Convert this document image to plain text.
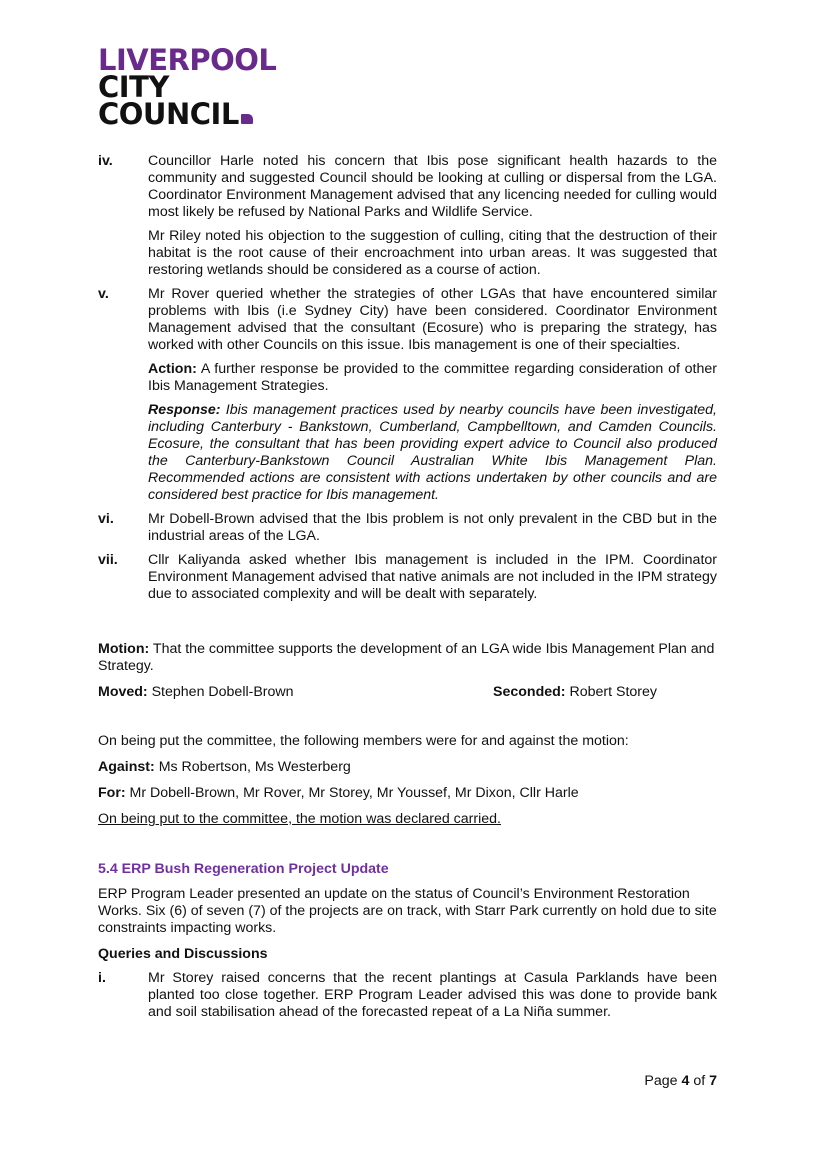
LIVERPOOL
CITY
COUNCIL
iv.	Councillor Harle noted his concern that Ibis pose significant health hazards to the community and suggested Council should be looking at culling or dispersal from the LGA. Coordinator Environment Management advised that any licencing needed for culling would most likely be refused by National Parks and Wildlife Service.

Mr Riley noted his objection to the suggestion of culling, citing that the destruction of their habitat is the root cause of their encroachment into urban areas. It was suggested that restoring wetlands should be considered as a course of action.

v.	Mr Rover queried whether the strategies of other LGAs that have encountered similar problems with Ibis (i.e Sydney City) have been considered. Coordinator Environment Management advised that the consultant (Ecosure) who is preparing the strategy, has worked with other Councils on this issue. Ibis management is one of their specialties.

Action: A further response be provided to the committee regarding consideration of other Ibis Management Strategies.

Response: Ibis management practices used by nearby councils have been investigated, including Canterbury - Bankstown, Cumberland, Campbelltown, and Camden Councils. Ecosure, the consultant that has been providing expert advice to Council also produced the Canterbury-Bankstown Council Australian White Ibis Management Plan. Recommended actions are consistent with actions undertaken by other councils and are considered best practice for Ibis management.

vi.	Mr Dobell-Brown advised that the Ibis problem is not only prevalent in the CBD but in the industrial areas of the LGA.

vii.	Cllr Kaliyanda asked whether Ibis management is included in the IPM. Coordinator Environment Management advised that native animals are not included in the IPM strategy due to associated complexity and will be dealt with separately.

Motion: That the committee supports the development of an LGA wide Ibis Management Plan and Strategy.
Moved: Stephen Dobell-Brown	Seconded: Robert Storey
On being put the committee, the following members were for and against the motion:
Against: Ms Robertson, Ms Westerberg
For: Mr Dobell-Brown, Mr Rover, Mr Storey, Mr Youssef, Mr Dixon, Cllr Harle
On being put to the committee, the motion was declared carried.
5.4 ERP Bush Regeneration Project Update
ERP Program Leader presented an update on the status of Council’s Environment Restoration Works. Six (6) of seven (7) of the projects are on track, with Starr Park currently on hold due to site constraints impacting works.
Queries and Discussions
i.	Mr Storey raised concerns that the recent plantings at Casula Parklands have been planted too close together. ERP Program Leader advised this was done to provide bank and soil stabilisation ahead of the forecasted repeat of a La Niña summer.

Page 4 of 7
